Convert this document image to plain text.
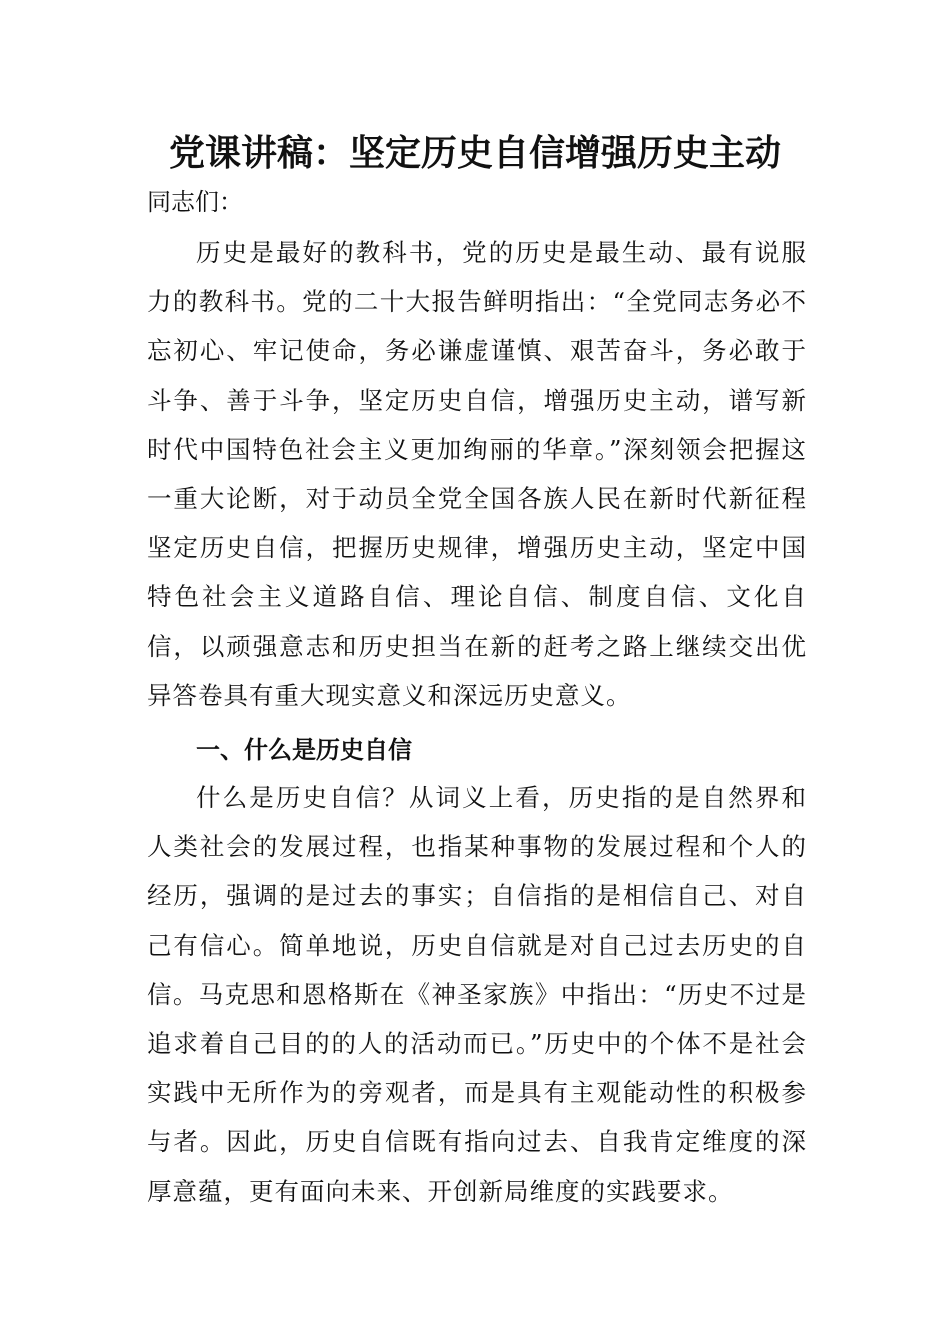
党课讲稿：坚定历史自信增强历史主动
同志们：

历史是最好的教科书，党的历史是最生动、最有说服力的教科书。党的二十大报告鲜明指出：“全党同志务必不忘初心、牢记使命，务必谦虚谨慎、艰苦奋斗，务必敢于斗争、善于斗争，坚定历史自信，增强历史主动，谱写新时代中国特色社会主义更加绚丽的华章。”深刻领会把握这一重大论断，对于动员全党全国各族人民在新时代新征程坚定历史自信，把握历史规律，增强历史主动，坚定中国特色社会主义道路自信、理论自信、制度自信、文化自信，以顽强意志和历史担当在新的赶考之路上继续交出优异答卷具有重大现实意义和深远历史意义。

一、什么是历史自信

什么是历史自信？从词义上看，历史指的是自然界和人类社会的发展过程，也指某种事物的发展过程和个人的经历，强调的是过去的事实；自信指的是相信自己、对自己有信心。简单地说，历史自信就是对自己过去历史的自信。马克思和恩格斯在《神圣家族》中指出：“历史不过是追求着自己目的的人的活动而已。”历史中的个体不是社会实践中无所作为的旁观者，而是具有主观能动性的积极参与者。因此，历史自信既有指向过去、自我肯定维度的深厚意蕴，更有面向未来、开创新局维度的实践要求。
